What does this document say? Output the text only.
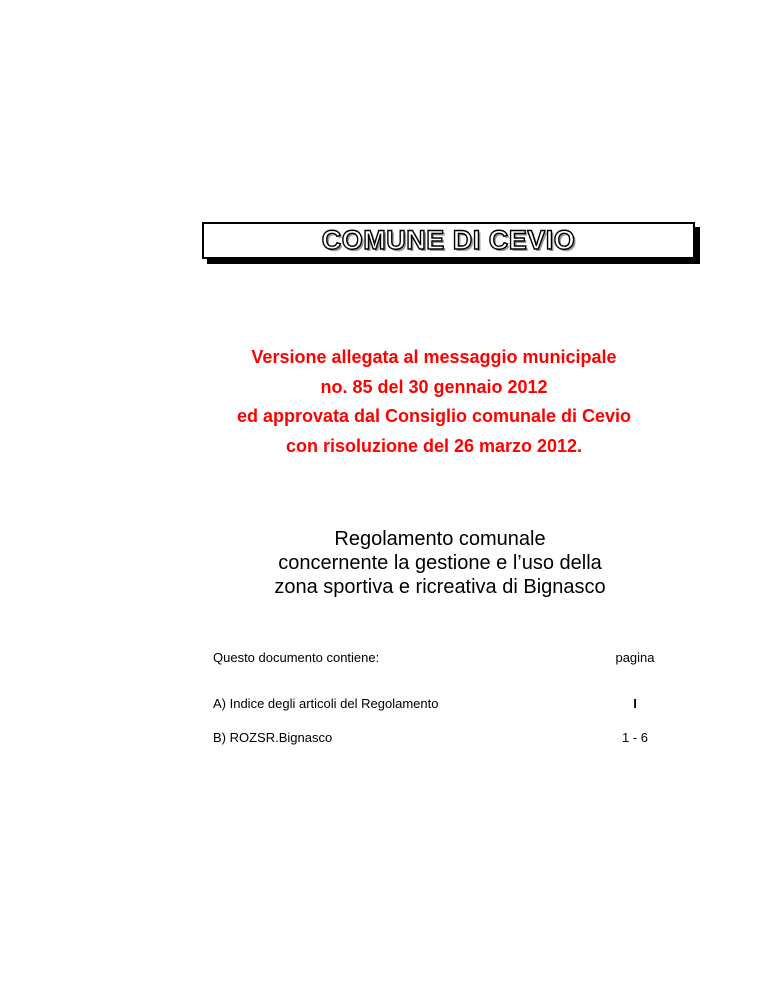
COMUNE DI CEVIO
Versione allegata al messaggio municipale
no. 85 del 30 gennaio 2012
ed approvata dal Consiglio comunale di Cevio
con risoluzione del 26 marzo 2012.
Regolamento comunale
concernente la gestione e l’uso della
zona sportiva e ricreativa di Bignasco
Questo documento contiene:	pagina
A) Indice degli articoli del Regolamento	I
B) ROZSR.Bignasco	1 - 6
